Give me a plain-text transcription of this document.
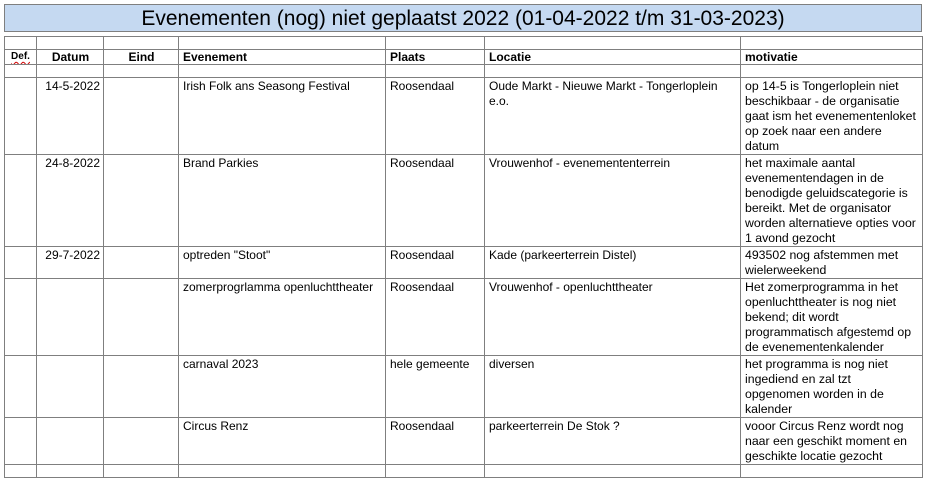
Evenementen (nog) niet geplaatst 2022 (01-04-2022 t/m 31-03-2023)

Def.	Datum	Eind	Evenement	Plaats	Locatie	motivatie

	14-5-2022		Irish Folk ans Seasong Festival	Roosendaal	Oude Markt - Nieuwe Markt - Tongerloplein e.o.	op 14-5 is Tongerloplein niet beschikbaar - de organisatie gaat ism het evenementenloket op zoek naar een andere datum
	24-8-2022		Brand Parkies	Roosendaal	Vrouwenhof - evenemententerrein	het maximale aantal evenementendagen in de benodigde geluidscategorie is bereikt. Met de organisator worden alternatieve opties voor 1 avond gezocht
	29-7-2022		optreden "Stoot"	Roosendaal	Kade (parkeerterrein Distel)	493502 nog afstemmen met wielerweekend
			zomerprogrlamma openluchttheater	Roosendaal	Vrouwenhof - openluchttheater	Het zomerprogramma in het openluchttheater is nog niet bekend; dit wordt programmatisch afgestemd op de evenementenkalender
			carnaval 2023	hele gemeente	diversen	het programma is nog niet ingediend en zal tzt opgenomen worden in de kalender
			Circus Renz	Roosendaal	parkeerterrein De Stok ?	vooor Circus Renz wordt nog naar een geschikt moment en geschikte locatie gezocht
